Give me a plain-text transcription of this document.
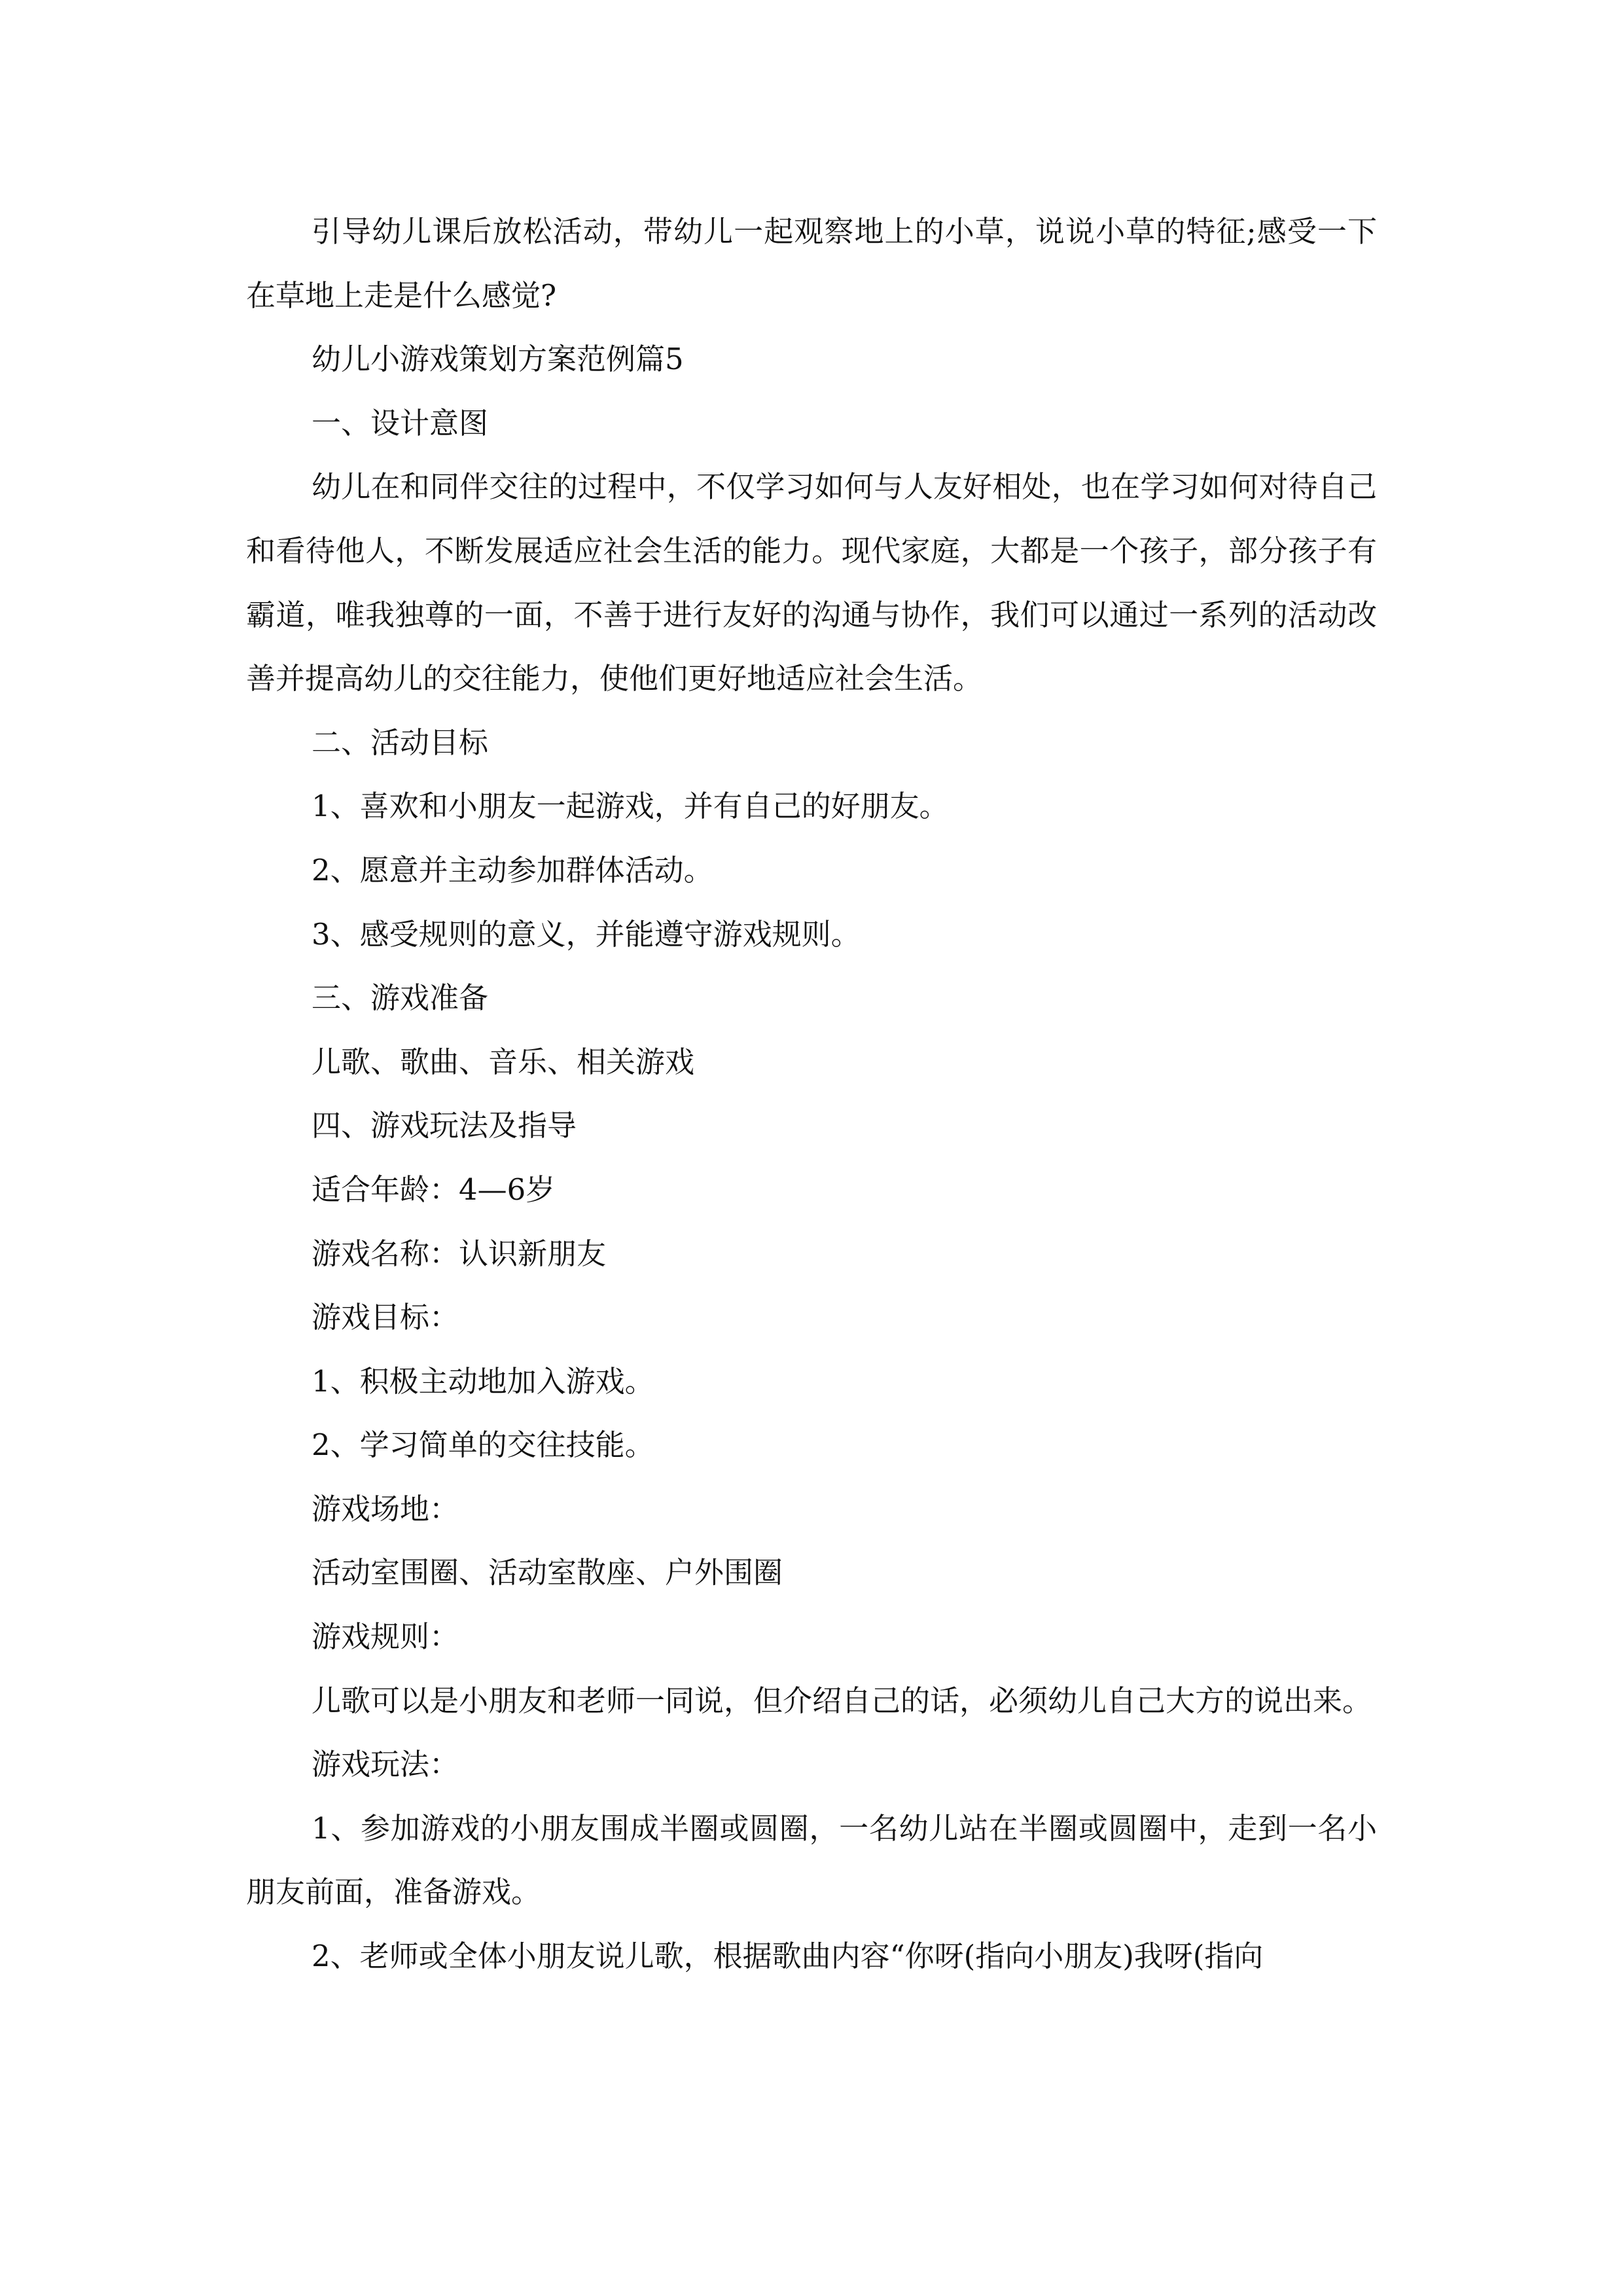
引导幼儿课后放松活动，带幼儿一起观察地上的小草，说说小草的特征;感受一下在草地上走是什么感觉?

幼儿小游戏策划方案范例篇5

一、设计意图

幼儿在和同伴交往的过程中，不仅学习如何与人友好相处，也在学习如何对待自己和看待他人，不断发展适应社会生活的能力。现代家庭，大都是一个孩子，部分孩子有霸道，唯我独尊的一面，不善于进行友好的沟通与协作，我们可以通过一系列的活动改善并提高幼儿的交往能力，使他们更好地适应社会生活。

二、活动目标

1、喜欢和小朋友一起游戏，并有自己的好朋友。

2、愿意并主动参加群体活动。

3、感受规则的意义，并能遵守游戏规则。

三、游戏准备

儿歌、歌曲、音乐、相关游戏

四、游戏玩法及指导

适合年龄：4—6岁

游戏名称：认识新朋友

游戏目标：

1、积极主动地加入游戏。

2、学习简单的交往技能。

游戏场地：

活动室围圈、活动室散座、户外围圈

游戏规则：

儿歌可以是小朋友和老师一同说，但介绍自己的话，必须幼儿自己大方的说出来。

游戏玩法：

1、参加游戏的小朋友围成半圈或圆圈，一名幼儿站在半圈或圆圈中，走到一名小朋友前面，准备游戏。

2、老师或全体小朋友说儿歌，根据歌曲内容“你呀(指向小朋友)我呀(指向
